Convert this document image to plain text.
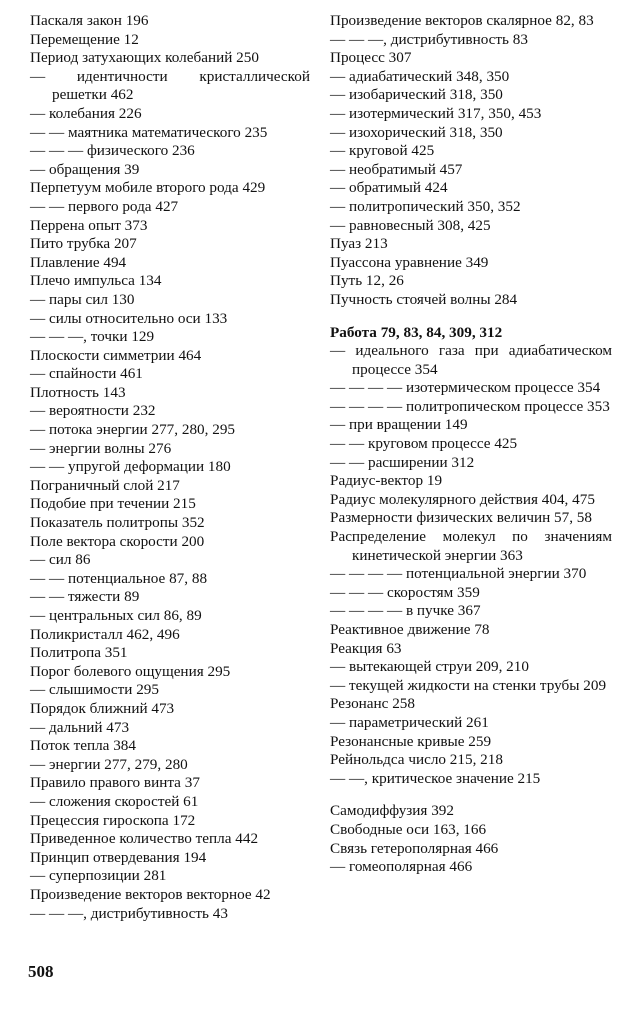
Паскаля закон 196
Перемещение 12
Период затухающих колебаний 250
— идентичности кристаллической решетки 462
— колебания 226
— — маятника математического 235
— — — физического 236
— обращения 39
Перпетуум мобиле второго рода 429
— — первого рода 427
Перрена опыт 373
Пито трубка 207
Плавление 494
Плечо импульса 134
— пары сил 130
— силы относительно оси 133
— — —, точки 129
Плоскости симметрии 464
— спайности 461
Плотность 143
— вероятности 232
— потока энергии 277, 280, 295
— энергии волны 276
— — упругой деформации 180
Пограничный слой 217
Подобие при течении 215
Показатель политропы 352
Поле вектора скорости 200
— сил 86
— — потенциальное 87, 88
— — тяжести 89
— центральных сил 86, 89
Поликристалл 462, 496
Политропа 351
Порог болевого ощущения 295
— слышимости 295
Порядок ближний 473
— дальний 473
Поток тепла 384
— энергии 277, 279, 280
Правило правого винта 37
— сложения скоростей 61
Прецессия гироскопа 172
Приведенное количество тепла 442
Принцип отвердевания 194
— суперпозиции 281
Произведение векторов векторное 42
— — —, дистрибутивность 43
Произведение векторов скалярное 82, 83
— — —, дистрибутивность 83
Процесс 307
— адиабатический 348, 350
— изобарический 318, 350
— изотермический 317, 350, 453
— изохорический 318, 350
— круговой 425
— необратимый 457
— обратимый 424
— политропический 350, 352
— равновесный 308, 425
Пуаз 213
Пуассона уравнение 349
Путь 12, 26
Пучность стоячей волны 284
Работа 79, 83, 84, 309, 312
— идеального газа при адиабатическом процессе 354
— — — — изотермическом процессе 354
— — — — политропическом процессе 353
— при вращении 149
— — круговом процессе 425
— — расширении 312
Радиус-вектор 19
Радиус молекулярного действия 404, 475
Размерности физических величин 57, 58
Распределение молекул по значениям кинетической энергии 363
— — — — потенциальной энергии 370
— — — скоростям 359
— — — — в пучке 367
Реактивное движение 78
Реакция 63
— вытекающей струи 209, 210
— текущей жидкости на стенки трубы 209
Резонанс 258
— параметрический 261
Резонансные кривые 259
Рейнольдса число 215, 218
— —, критическое значение 215
Самодиффузия 392
Свободные оси 163, 166
Связь гетерополярная 466
— гомеополярная 466
508
